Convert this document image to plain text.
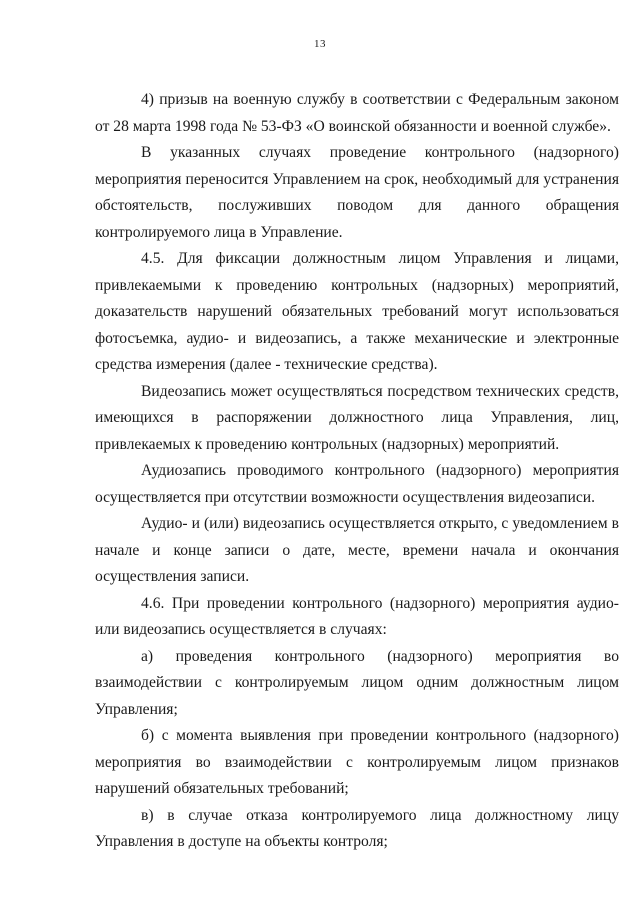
13

4) призыв на военную службу в соответствии с Федеральным законом от 28 марта 1998 года № 53-ФЗ «О воинской обязанности и военной службе».

В указанных случаях проведение контрольного (надзорного) мероприятия переносится Управлением на срок, необходимый для устранения обстоятельств, послуживших поводом для данного обращения контролируемого лица в Управление.

4.5. Для фиксации должностным лицом Управления и лицами, привлекаемыми к проведению контрольных (надзорных) мероприятий, доказательств нарушений обязательных требований могут использоваться фотосъемка, аудио- и видеозапись, а также механические и электронные средства измерения (далее - технические средства).

Видеозапись может осуществляться посредством технических средств, имеющихся в распоряжении должностного лица Управления, лиц, привлекаемых к проведению контрольных (надзорных) мероприятий.

Аудиозапись проводимого контрольного (надзорного) мероприятия осуществляется при отсутствии возможности осуществления видеозаписи.

Аудио- и (или) видеозапись осуществляется открыто, с уведомлением в начале и конце записи о дате, месте, времени начала и окончания осуществления записи.

4.6. При проведении контрольного (надзорного) мероприятия аудио- или видеозапись осуществляется в случаях:

а) проведения контрольного (надзорного) мероприятия во взаимодействии с контролируемым лицом одним должностным лицом Управления;

б) с момента выявления при проведении контрольного (надзорного) мероприятия во взаимодействии с контролируемым лицом признаков нарушений обязательных требований;

в) в случае отказа контролируемого лица должностному лицу Управления в доступе на объекты контроля;
